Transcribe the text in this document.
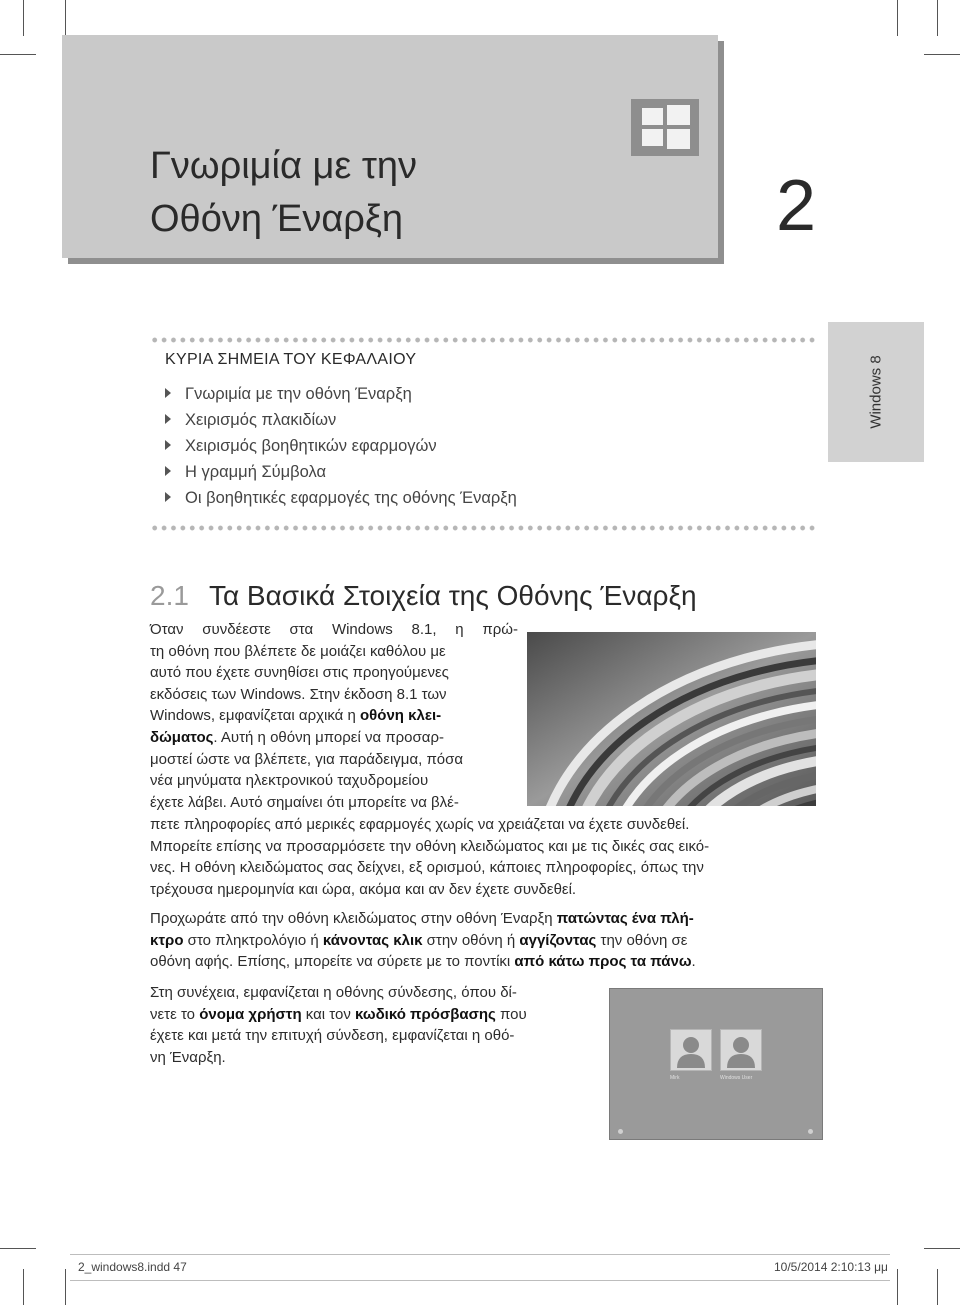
Γνωριμία με την
Οθόνη Έναρξη	2
Windows 8
ΚΥΡΙΑ ΣΗΜΕΙΑ ΤΟΥ ΚΕΦΑΛΑΙΟΥ
Γνωριμία με την οθόνη Έναρξη
Χειρισμός πλακιδίων
Χειρισμός βοηθητικών εφαρμογών
Η γραμμή Σύμβολα
Οι βοηθητικές εφαρμογές της οθόνης Έναρξη
2.1 Τα Βασικά Στοιχεία της Οθόνης Έναρξη
Όταν συνδέεστε στα Windows 8.1, η πρώ-
τη οθόνη που βλέπετε δε μοιάζει καθόλου με
αυτό που έχετε συνηθίσει στις προηγούμενες
εκδόσεις των Windows. Στην έκδοση 8.1 των
Windows, εμφανίζεται αρχικά η οθόνη κλει-
δώματος. Αυτή η οθόνη μπορεί να προσαρ-
μοστεί ώστε να βλέπετε, για παράδειγμα, πόσα
νέα μηνύματα ηλεκτρονικού ταχυδρομείου
έχετε λάβει. Αυτό σημαίνει ότι μπορείτε να βλέ-
πετε πληροφορίες από μερικές εφαρμογές χωρίς να χρειάζεται να έχετε συνδεθεί.
Μπορείτε επίσης να προσαρμόσετε την οθόνη κλειδώματος και με τις δικές σας εικό-
νες. Η οθόνη κλειδώματος σας δείχνει, εξ ορισμού, κάποιες πληροφορίες, όπως την
τρέχουσα ημερομηνία και ώρα, ακόμα και αν δεν έχετε συνδεθεί.
Προχωράτε από την οθόνη κλειδώματος στην οθόνη Έναρξη πατώντας ένα πλή-
κτρο στο πληκτρολόγιο ή κάνοντας κλικ στην οθόνη ή αγγίζοντας την οθόνη σε
οθόνη αφής. Επίσης, μπορείτε να σύρετε με το ποντίκι από κάτω προς τα πάνω.
Στη συνέχεια, εμφανίζεται η οθόνης σύνδεσης, όπου δί-
νετε το όνομα χρήστη και τον κωδικό πρόσβασης που
έχετε και μετά την επιτυχή σύνδεση, εμφανίζεται η οθό-
νη Έναρξη.
Mirk	Windows User
2_windows8.indd 47	10/5/2014 2:10:13 μμ
